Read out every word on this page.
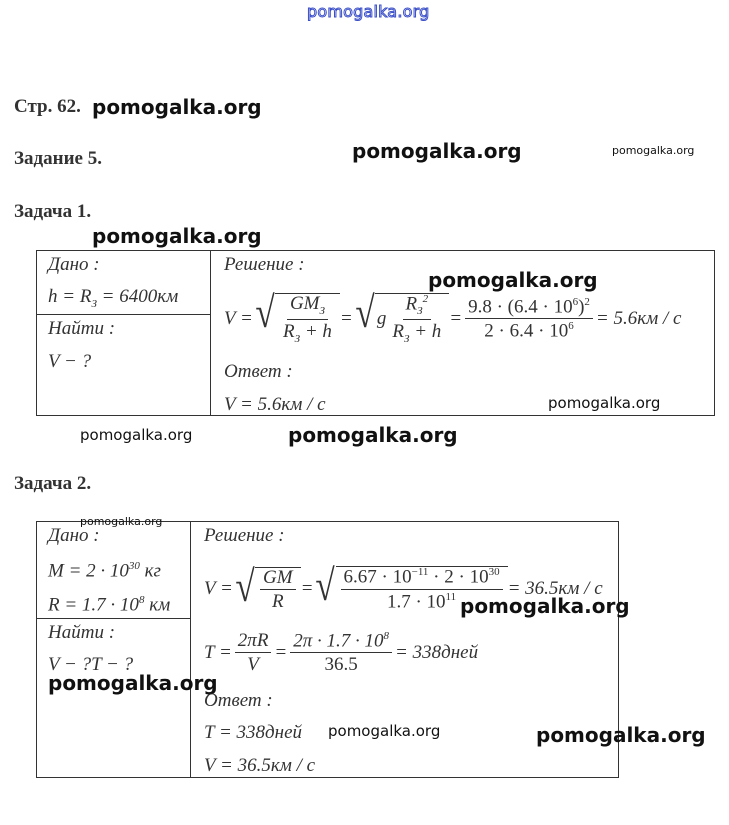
pomogalka.org
Стр. 62. pomogalka.org
Задание 5.	pomogalka.org	pomogalka.org
Задача 1.
pomogalka.org
Дано :
$h = R_З = 6400км$
Найти :
V − ?
Решение :
pomogalka.org
V = √ $\frac{GM_З}{R_З + h}$ = √ g $\frac{R_З^2}{R_З + h} = \frac{9.8 \cdot (6.4 \cdot 10^6)^2}{2 \cdot 6.4 \cdot 10^6} = 5.6км / с$
Ответ :
V = 5.6км / с	pomogalka.org
pomogalka.org	pomogalka.org
Задача 2.
pomogalka.org
Дано :
$M = 2 \cdot 10^{30}$ кг
$R = 1.7 \cdot 10^8$ км
Найти :
V − ?T − ?
pomogalka.org
Решение :
V = √ $\frac{GM}{R}$ = √ $\frac{6.67 \cdot 10^{-11} \cdot 2 \cdot 10^{30}}{1.7 \cdot 10^{11}} = 36.5км / с$
pomogalka.org
$T = \frac{2\pi R}{V} = \frac{2\pi \cdot 1.7 \cdot 10^8}{36.5}$ = 338дней
Ответ :
T = 338дней pomogalka.org	pomogalka.org
V = 36.5км / с
